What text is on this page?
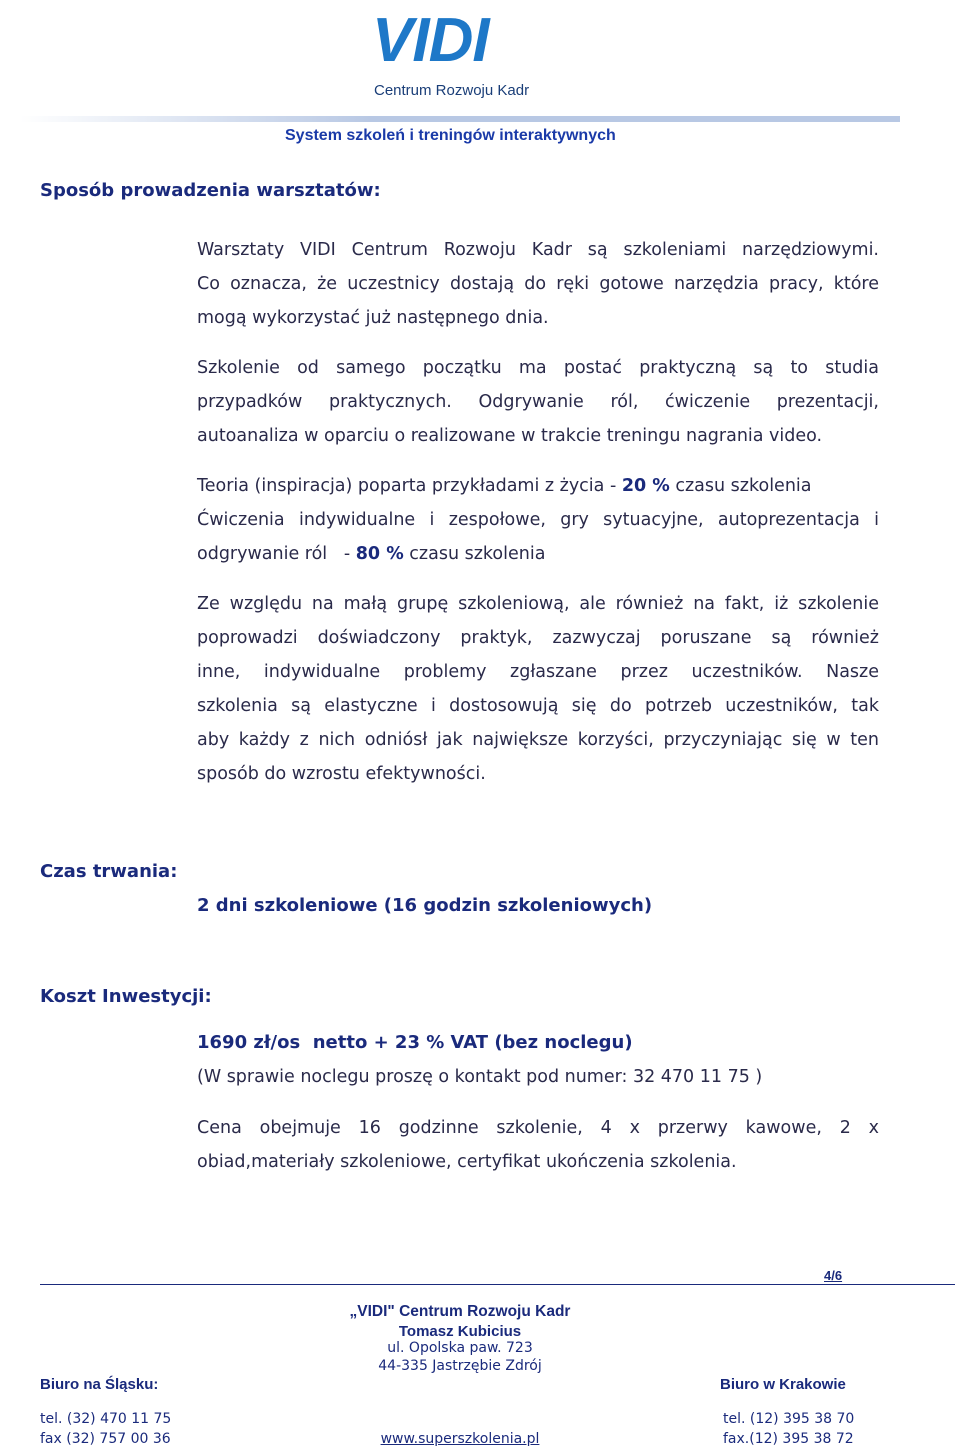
VIDI
Centrum Rozwoju Kadr
System szkoleń i treningów interaktywnych
Sposób prowadzenia warsztatów:
Warsztaty VIDI Centrum Rozwoju Kadr są szkoleniami narzędziowymi.
Co oznacza, że uczestnicy dostają do ręki gotowe narzędzia pracy, które
mogą wykorzystać już następnego dnia.
Szkolenie od samego początku ma postać praktyczną są to studia
przypadków praktycznych. Odgrywanie ról, ćwiczenie prezentacji,
autoanaliza w oparciu o realizowane w trakcie treningu nagrania video.
Teoria (inspiracja) poparta przykładami z życia - 20 % czasu szkolenia
Ćwiczenia indywidualne i zespołowe, gry sytuacyjne, autoprezentacja i
odgrywanie ról   - 80 % czasu szkolenia
Ze względu na małą grupę szkoleniową, ale również na fakt, iż szkolenie
poprowadzi doświadczony praktyk, zazwyczaj poruszane są również
inne, indywidualne problemy zgłaszane przez uczestników. Nasze
szkolenia są elastyczne i dostosowują się do potrzeb uczestników, tak
aby każdy z nich odniósł jak największe korzyści, przyczyniając się w ten
sposób do wzrostu efektywności.
Czas trwania:
2 dni szkoleniowe (16 godzin szkoleniowych)
Koszt Inwestycji:
1690 zł/os  netto + 23 % VAT (bez noclegu)
(W sprawie noclegu proszę o kontakt pod numer: 32 470 11 75 )
Cena obejmuje 16 godzinne szkolenie, 4 x przerwy kawowe, 2 x
obiad,materiały szkoleniowe, certyfikat ukończenia szkolenia.
4/6
„VIDI" Centrum Rozwoju Kadr
Tomasz Kubicius
ul. Opolska paw. 723
44-335 Jastrzębie Zdrój
Biuro na Śląsku:
tel. (32) 470 11 75
fax (32) 757 00 36	www.superszkolenia.pl
Biuro w Krakowie
tel. (12) 395 38 70
fax.(12) 395 38 72
